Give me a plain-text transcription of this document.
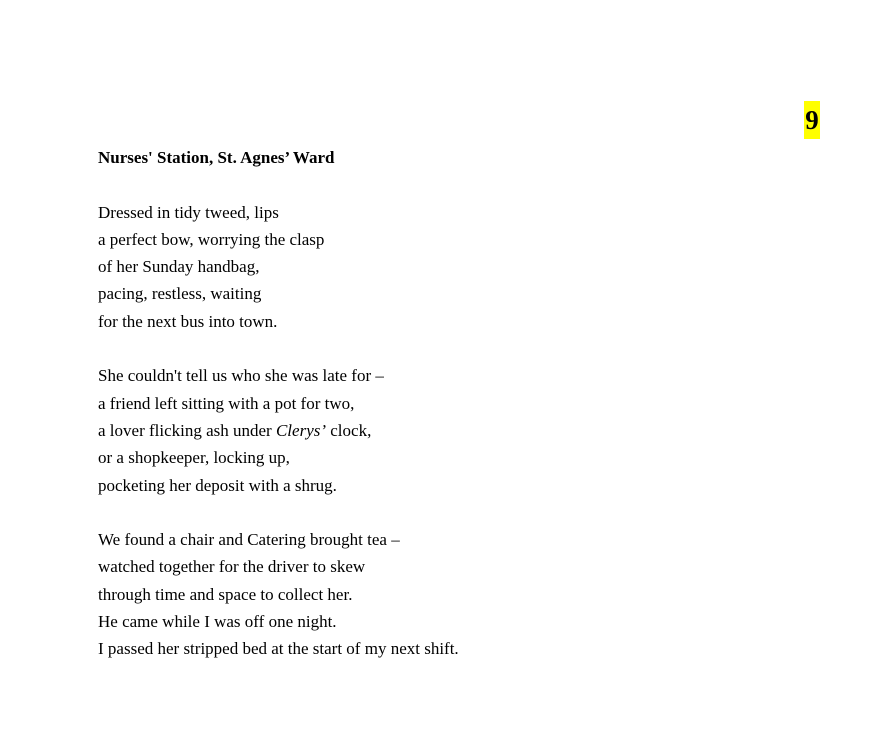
9
Nurses' Station, St. Agnes’ Ward
Dressed in tidy tweed, lips
a perfect bow, worrying the clasp
of her Sunday handbag,
pacing, restless, waiting
for the next bus into town.
She couldn't tell us who she was late for –
a friend left sitting with a pot for two,
a lover flicking ash under Clerys’ clock,
or a shopkeeper, locking up,
pocketing her deposit with a shrug.
We found a chair and Catering brought tea –
watched together for the driver to skew
through time and space to collect her.
He came while I was off one night.
I passed her stripped bed at the start of my next shift.
